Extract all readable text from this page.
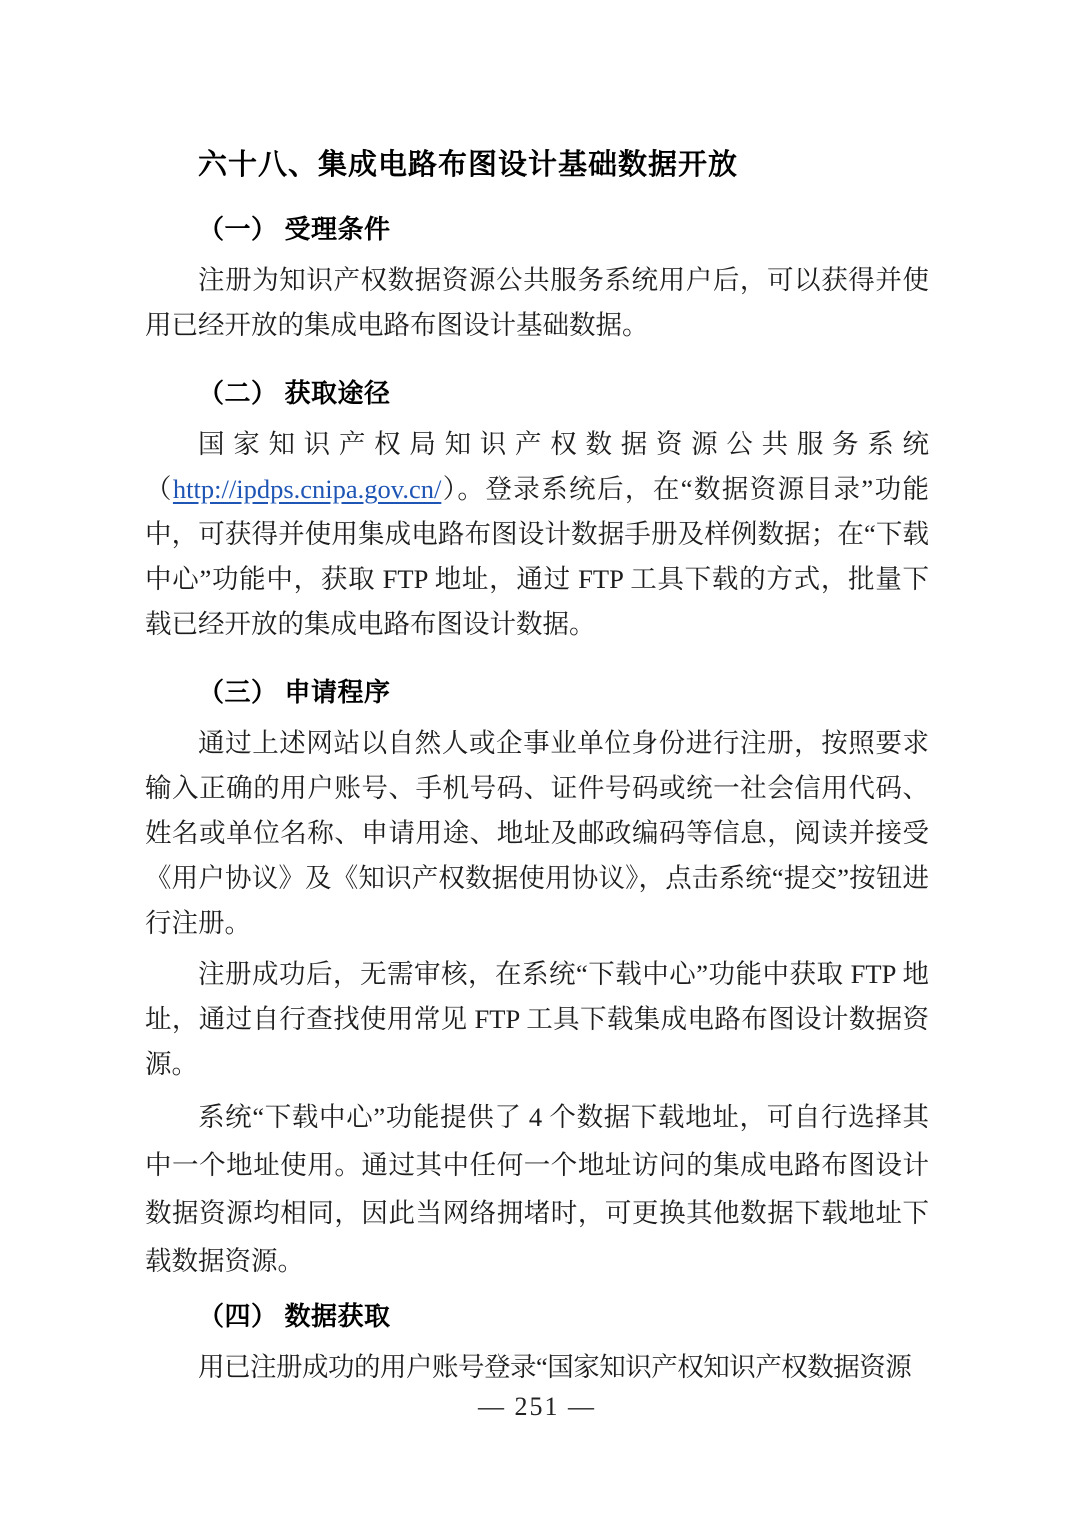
六十八、集成电路布图设计基础数据开放
（一） 受理条件

注册为知识产权数据资源公共服务系统用户后，可以获得并使用已经开放的集成电路布图设计基础数据。

（二） 获取途径

国家知识产权局知识产权数据资源公共服务系统（http://ipdps.cnipa.gov.cn/）。登录系统后，在“数据资源目录”功能中，可获得并使用集成电路布图设计数据手册及样例数据；在“下载中心”功能中，获取 FTP 地址，通过 FTP 工具下载的方式，批量下载已经开放的集成电路布图设计数据。

（三） 申请程序

通过上述网站以自然人或企事业单位身份进行注册，按照要求输入正确的用户账号、手机号码、证件号码或统一社会信用代码、姓名或单位名称、申请用途、地址及邮政编码等信息，阅读并接受《用户协议》及《知识产权数据使用协议》，点击系统“提交”按钮进行注册。

注册成功后，无需审核，在系统“下载中心”功能中获取 FTP 地址，通过自行查找使用常见 FTP 工具下载集成电路布图设计数据资源。

系统“下载中心”功能提供了 4 个数据下载地址，可自行选择其中一个地址使用。通过其中任何一个地址访问的集成电路布图设计数据资源均相同，因此当网络拥堵时，可更换其他数据下载地址下载数据资源。

（四） 数据获取

用已注册成功的用户账号登录“国家知识产权知识产权数据资源

— 251 —
